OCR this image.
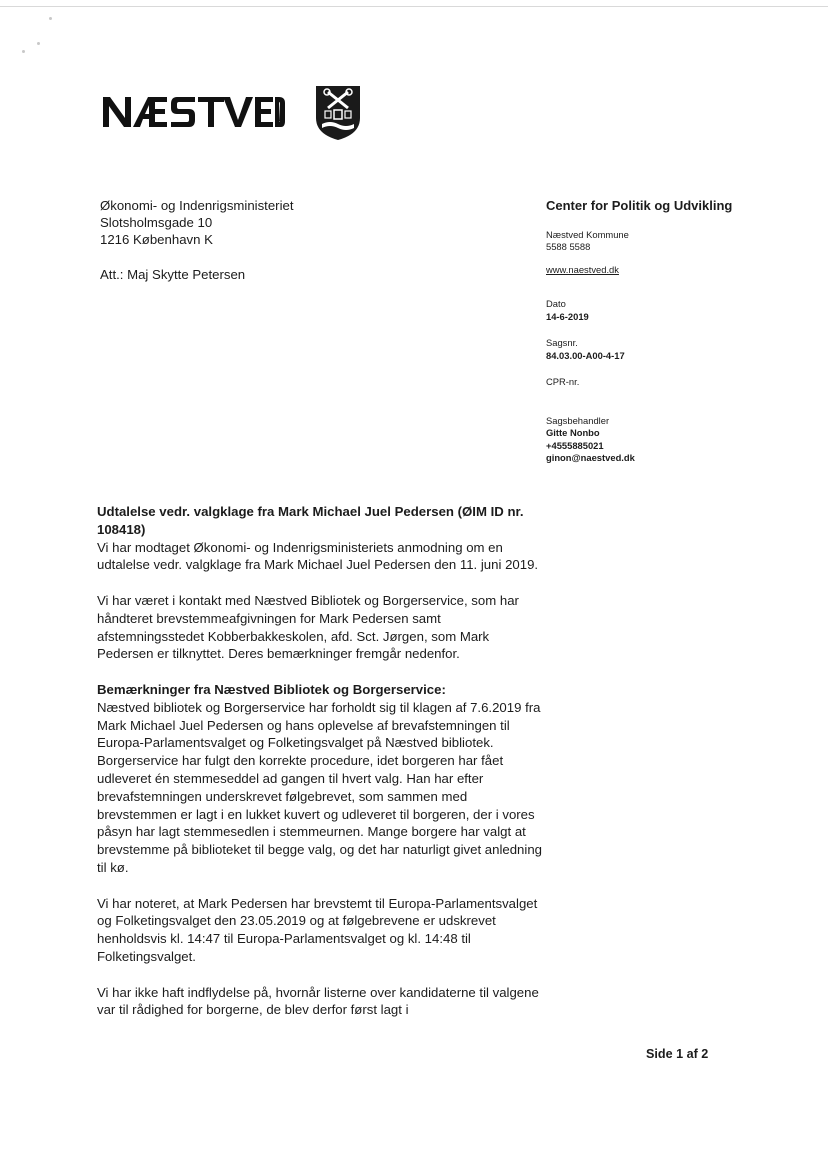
Økonomi- og Indenrigsministeriet
Slotsholmsgade 10
1216 København K
Att.: Maj Skytte Petersen
Center for Politik og Udvikling
Næstved Kommune
5588 5588
www.naestved.dk
Dato
14-6-2019
Sagsnr.
84.03.00-A00-4-17
CPR-nr.
Sagsbehandler
Gitte Nonbo
+4555885021
ginon@naestved.dk

Udtalelse vedr. valgklage fra Mark Michael Juel Pedersen (ØIM ID nr. 108418)
Vi har modtaget Økonomi- og Indenrigsministeriets anmodning om en udtalelse vedr. valgklage fra Mark Michael Juel Pedersen den 11. juni 2019.

Vi har været i kontakt med Næstved Bibliotek og Borgerservice, som har håndteret brevstemmeafgivningen for Mark Pedersen samt afstemningsstedet Kobberbakkeskolen, afd. Sct. Jørgen, som Mark Pedersen er tilknyttet. Deres bemærkninger fremgår nedenfor.

Bemærkninger fra Næstved Bibliotek og Borgerservice:
Næstved bibliotek og Borgerservice har forholdt sig til klagen af 7.6.2019 fra Mark Michael Juel Pedersen og hans oplevelse af brevafstemningen til Europa-Parlamentsvalget og Folketingsvalget på Næstved bibliotek. Borgerservice har fulgt den korrekte procedure, idet borgeren har fået udleveret én stemmeseddel ad gangen til hvert valg. Han har efter brevafstemningen underskrevet følgebrevet, som sammen med brevstemmen er lagt i en lukket kuvert og udleveret til borgeren, der i vores påsyn har lagt stemmesedlen i stemmeurnen. Mange borgere har valgt at brevstemme på biblioteket til begge valg, og det har naturligt givet anledning til kø.

Vi har noteret, at Mark Pedersen har brevstemt til Europa-Parlamentsvalget og Folketingsvalget den 23.05.2019 og at følgebrevene er udskrevet henholdsvis kl. 14:47 til Europa-Parlamentsvalget og kl. 14:48 til Folketingsvalget.

Vi har ikke haft indflydelse på, hvornår listerne over kandidaterne til valgene var til rådighed for borgerne, de blev derfor først lagt i

Side 1 af 2
